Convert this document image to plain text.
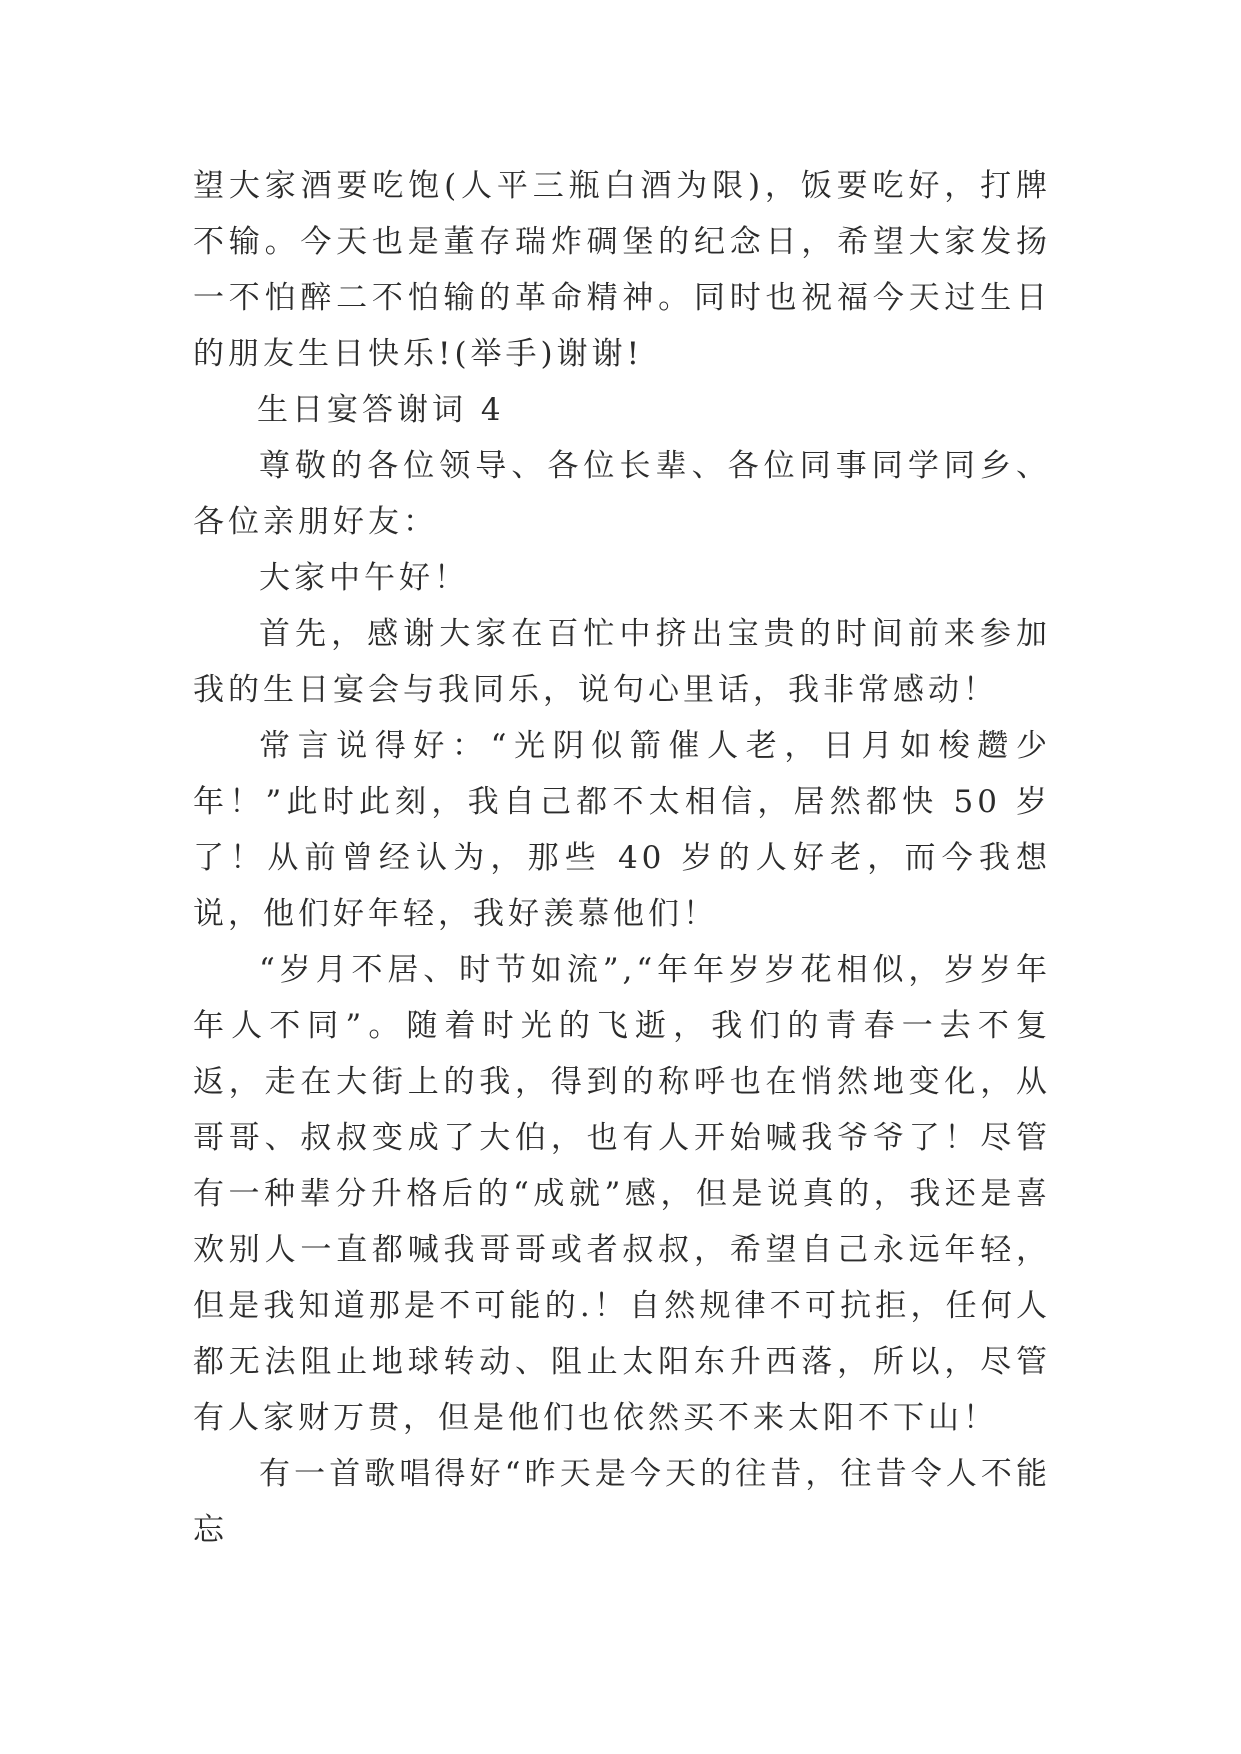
望大家酒要吃饱(人平三瓶白酒为限)，饭要吃好，打牌不输。今天也是董存瑞炸碉堡的纪念日，希望大家发扬一不怕醉二不怕输的革命精神。同时也祝福今天过生日的朋友生日快乐!(举手)谢谢!

生日宴答谢词 4

尊敬的各位领导、各位长辈、各位同事同学同乡、各位亲朋好友：

大家中午好！

首先，感谢大家在百忙中挤出宝贵的时间前来参加我的生日宴会与我同乐，说句心里话，我非常感动！

常言说得好：“光阴似箭催人老，日月如梭趱少年！”此时此刻，我自己都不太相信，居然都快 50 岁了！从前曾经认为，那些 40 岁的人好老，而今我想说，他们好年轻，我好羡慕他们！

“岁月不居、时节如流”,“年年岁岁花相似，岁岁年年人不同”。随着时光的飞逝，我们的青春一去不复返，走在大街上的我，得到的称呼也在悄然地变化，从哥哥、叔叔变成了大伯，也有人开始喊我爷爷了！尽管有一种辈分升格后的“成就”感，但是说真的，我还是喜欢别人一直都喊我哥哥或者叔叔，希望自己永远年轻，但是我知道那是不可能的.！自然规律不可抗拒，任何人都无法阻止地球转动、阻止太阳东升西落，所以，尽管有人家财万贯，但是他们也依然买不来太阳不下山！

有一首歌唱得好“昨天是今天的往昔，往昔令人不能忘
